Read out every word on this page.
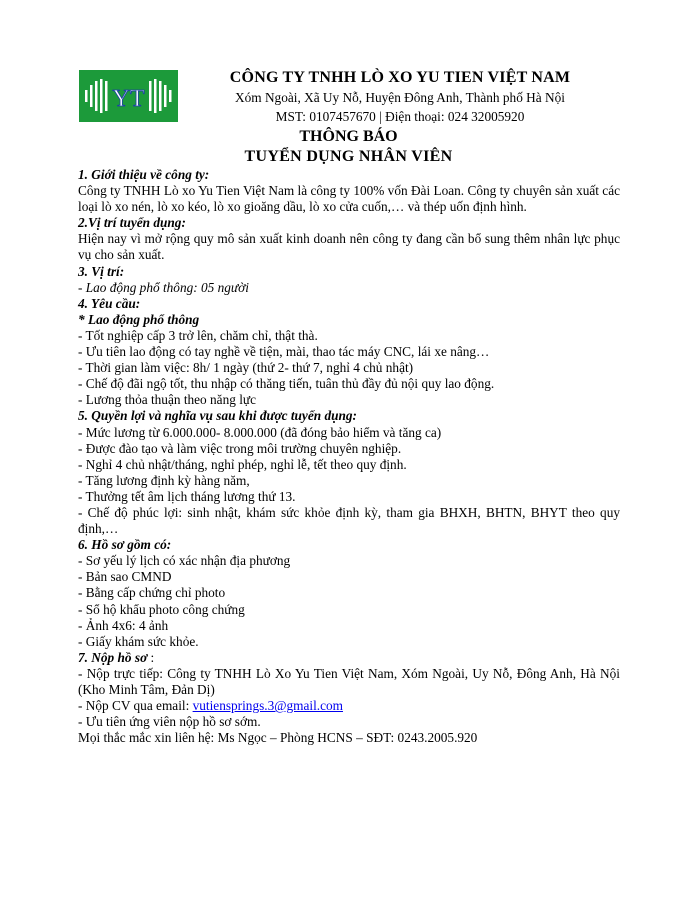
YT
CÔNG TY TNHH LÒ XO YU TIEN VIỆT NAM
Xóm Ngoài, Xã Uy Nỗ, Huyện Đông Anh, Thành phố Hà Nội
MST: 0107457670 | Điện thoại: 024 32005920
THÔNG BÁO
TUYỂN DỤNG NHÂN VIÊN
1. Giới thiệu về công ty:
Công ty TNHH Lò xo Yu Tien Việt Nam là công ty 100% vốn Đài Loan. Công ty chuyên sản xuất các loại lò xo nén, lò xo kéo, lò xo gioăng dầu, lò xo cửa cuốn,… và thép uốn định hình.
2.Vị trí tuyển dụng:
Hiện nay vì mở rộng quy mô sản xuất kinh doanh nên công ty đang cần bổ sung thêm nhân lực phục vụ cho sản xuất.
3. Vị trí:
- Lao động phổ thông: 05 người
4. Yêu cầu:
* Lao động phổ thông
- Tốt nghiệp cấp 3 trở lên, chăm chỉ, thật thà.
- Ưu tiên lao động có tay nghề về tiện, mài, thao tác máy CNC, lái xe nâng…
- Thời gian làm việc: 8h/ 1 ngày (thứ 2- thứ 7, nghỉ 4 chủ nhật)
- Chế độ đãi ngộ tốt, thu nhập có thăng tiến, tuân thủ đầy đủ nội quy lao động.
- Lương thỏa thuận theo năng lực
5. Quyền lợi và nghĩa vụ sau khi được tuyển dụng:
- Mức lương từ 6.000.000- 8.000.000 (đã đóng bảo hiểm và tăng ca)
- Được đào tạo và làm việc trong môi trường chuyên nghiệp.
- Nghỉ 4 chủ nhật/tháng, nghỉ phép, nghỉ lễ, tết theo quy định.
- Tăng lương định kỳ hàng năm,
- Thưởng tết âm lịch tháng lương thứ 13.
- Chế độ phúc lợi: sinh nhật, khám sức khỏe định kỳ, tham gia BHXH, BHTN, BHYT theo quy định,…
6. Hồ sơ gồm có:
- Sơ yếu lý lịch có xác nhận địa phương
- Bản sao CMND
- Bằng cấp chứng chỉ photo
- Sổ hộ khẩu photo công chứng
- Ảnh 4x6: 4 ảnh
- Giấy khám sức khỏe.
7. Nộp hồ sơ :
- Nộp trực tiếp: Công ty TNHH Lò Xo Yu Tien Việt Nam, Xóm Ngoài, Uy Nỗ, Đông Anh, Hà Nội (Kho Minh Tâm, Đản Dị)
- Nộp CV qua email: vutiensprings.3@gmail.com
- Ưu tiên ứng viên nộp hồ sơ sớm.
Mọi thắc mắc xin liên hệ: Ms Ngọc – Phòng HCNS – SĐT: 0243.2005.920
